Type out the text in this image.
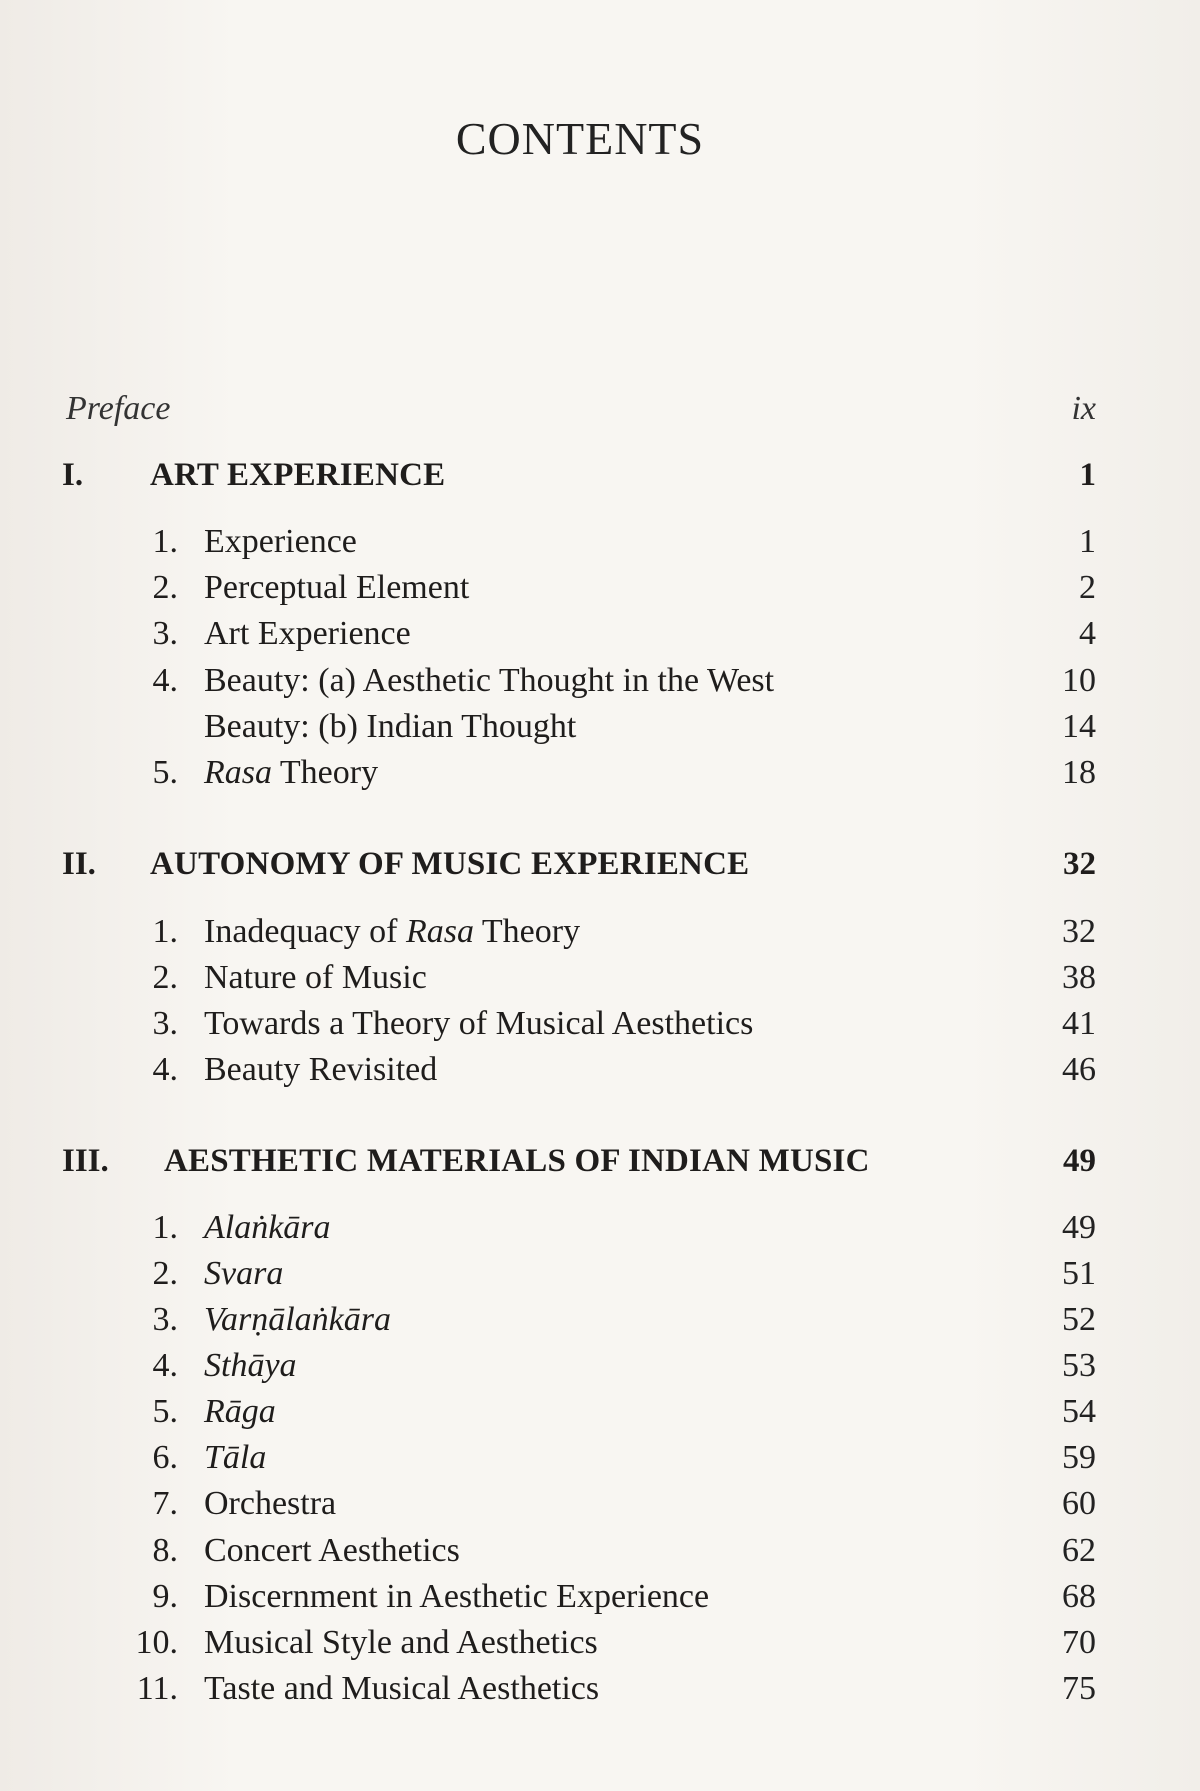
CONTENTS
Preface	ix
I.	ART EXPERIENCE	1
1. Experience	1
2. Perceptual Element	2
3. Art Experience	4
4. Beauty: (a) Aesthetic Thought in the West	10
Beauty: (b) Indian Thought	14
5. Rasa Theory	18
II.	AUTONOMY OF MUSIC EXPERIENCE	32
1. Inadequacy of Rasa Theory	32
2. Nature of Music	38
3. Towards a Theory of Musical Aesthetics	41
4. Beauty Revisited	46
III.	AESTHETIC MATERIALS OF INDIAN MUSIC	49
1. Alaṅkāra	49
2. Svara	51
3. Varṇālaṅkāra	52
4. Sthāya	53
5. Rāga	54
6. Tāla	59
7. Orchestra	60
8. Concert Aesthetics	62
9. Discernment in Aesthetic Experience	68
10. Musical Style and Aesthetics	70
11. Taste and Musical Aesthetics	75
